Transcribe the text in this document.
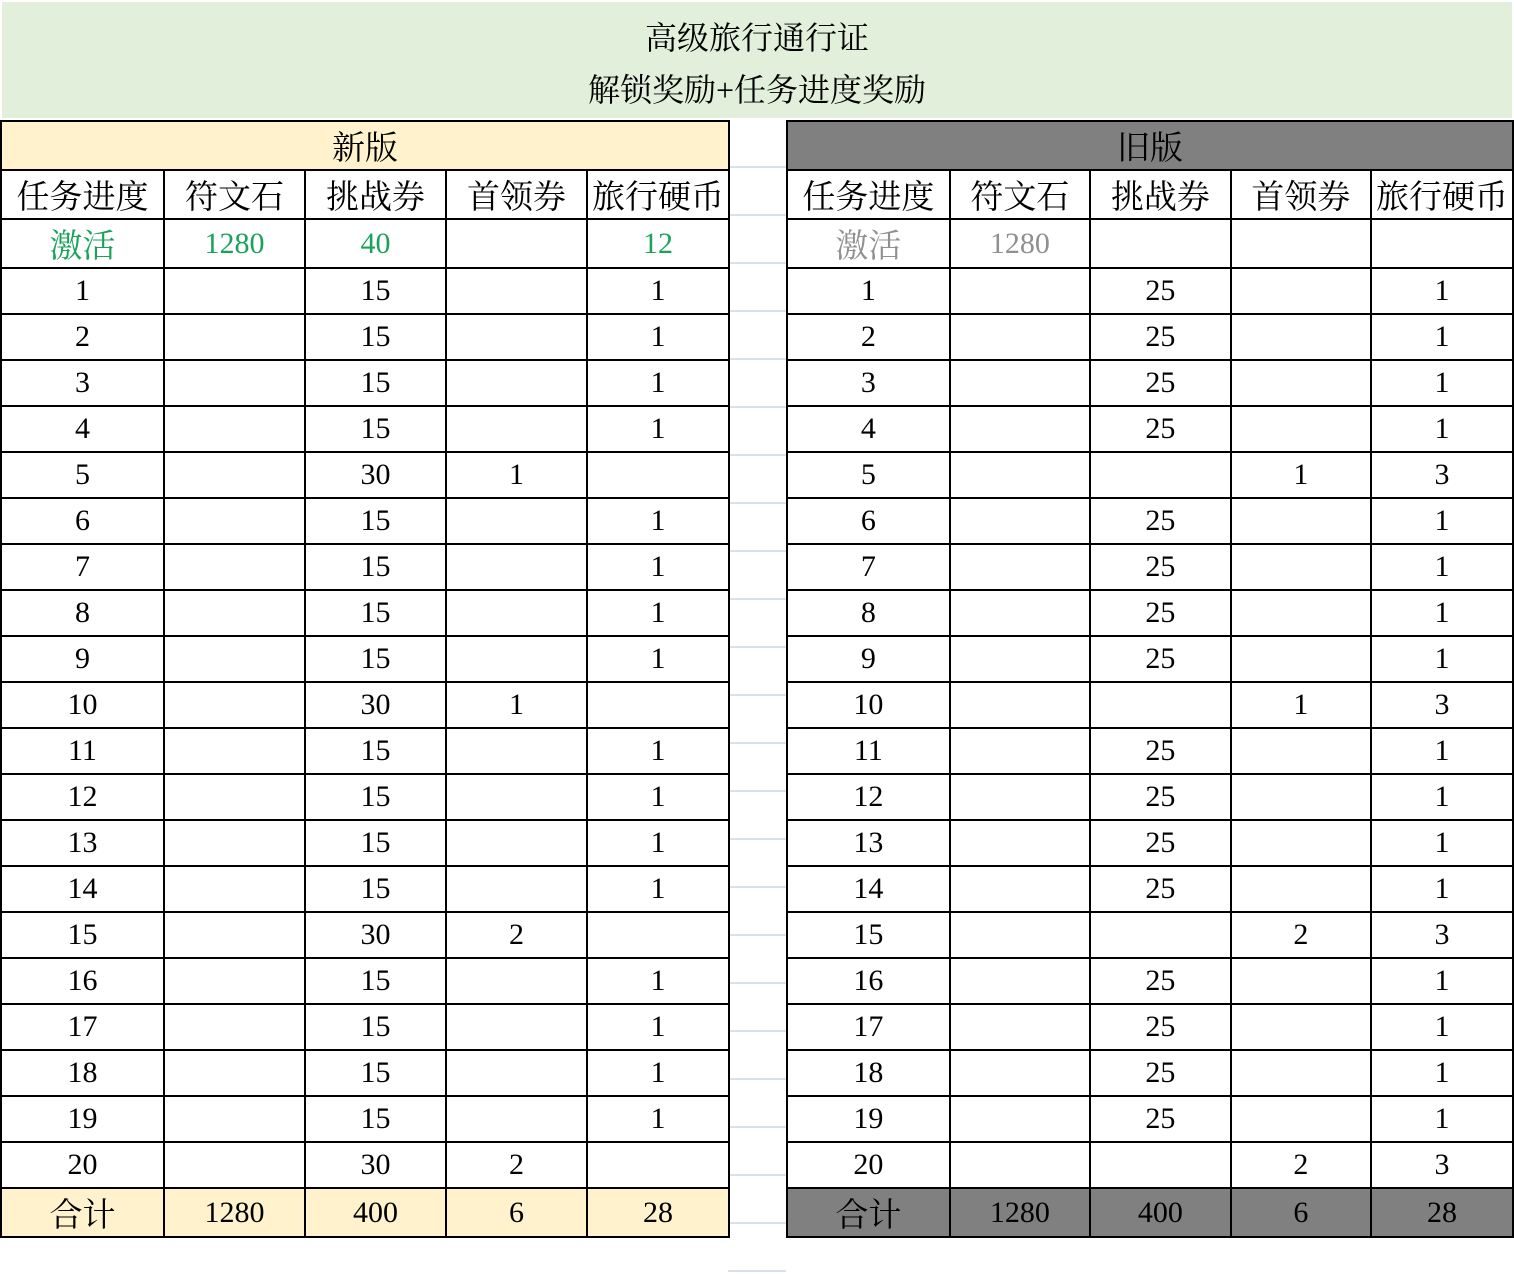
高级旅行通行证
解锁奖励+任务进度奖励
新版				
任务进度	符文石	挑战券	首领券	旅行硬币
激活	1280	40		12
1		15		1
2		15		1
3		15		1
4		15		1
5		30	1	
6		15		1
7		15		1
8		15		1
9		15		1
10		30	1	
11		15		1
12		15		1
13		15		1
14		15		1
15		30	2	
16		15		1
17		15		1
18		15		1
19		15		1
20		30	2	
合计	1280	400	6	28
旧版				
任务进度	符文石	挑战券	首领券	旅行硬币
激活	1280			
1		25		1
2		25		1
3		25		1
4		25		1
5			1	3
6		25		1
7		25		1
8		25		1
9		25		1
10			1	3
11		25		1
12		25		1
13		25		1
14		25		1
15			2	3
16		25		1
17		25		1
18		25		1
19		25		1
20			2	3
合计	1280	400	6	28
